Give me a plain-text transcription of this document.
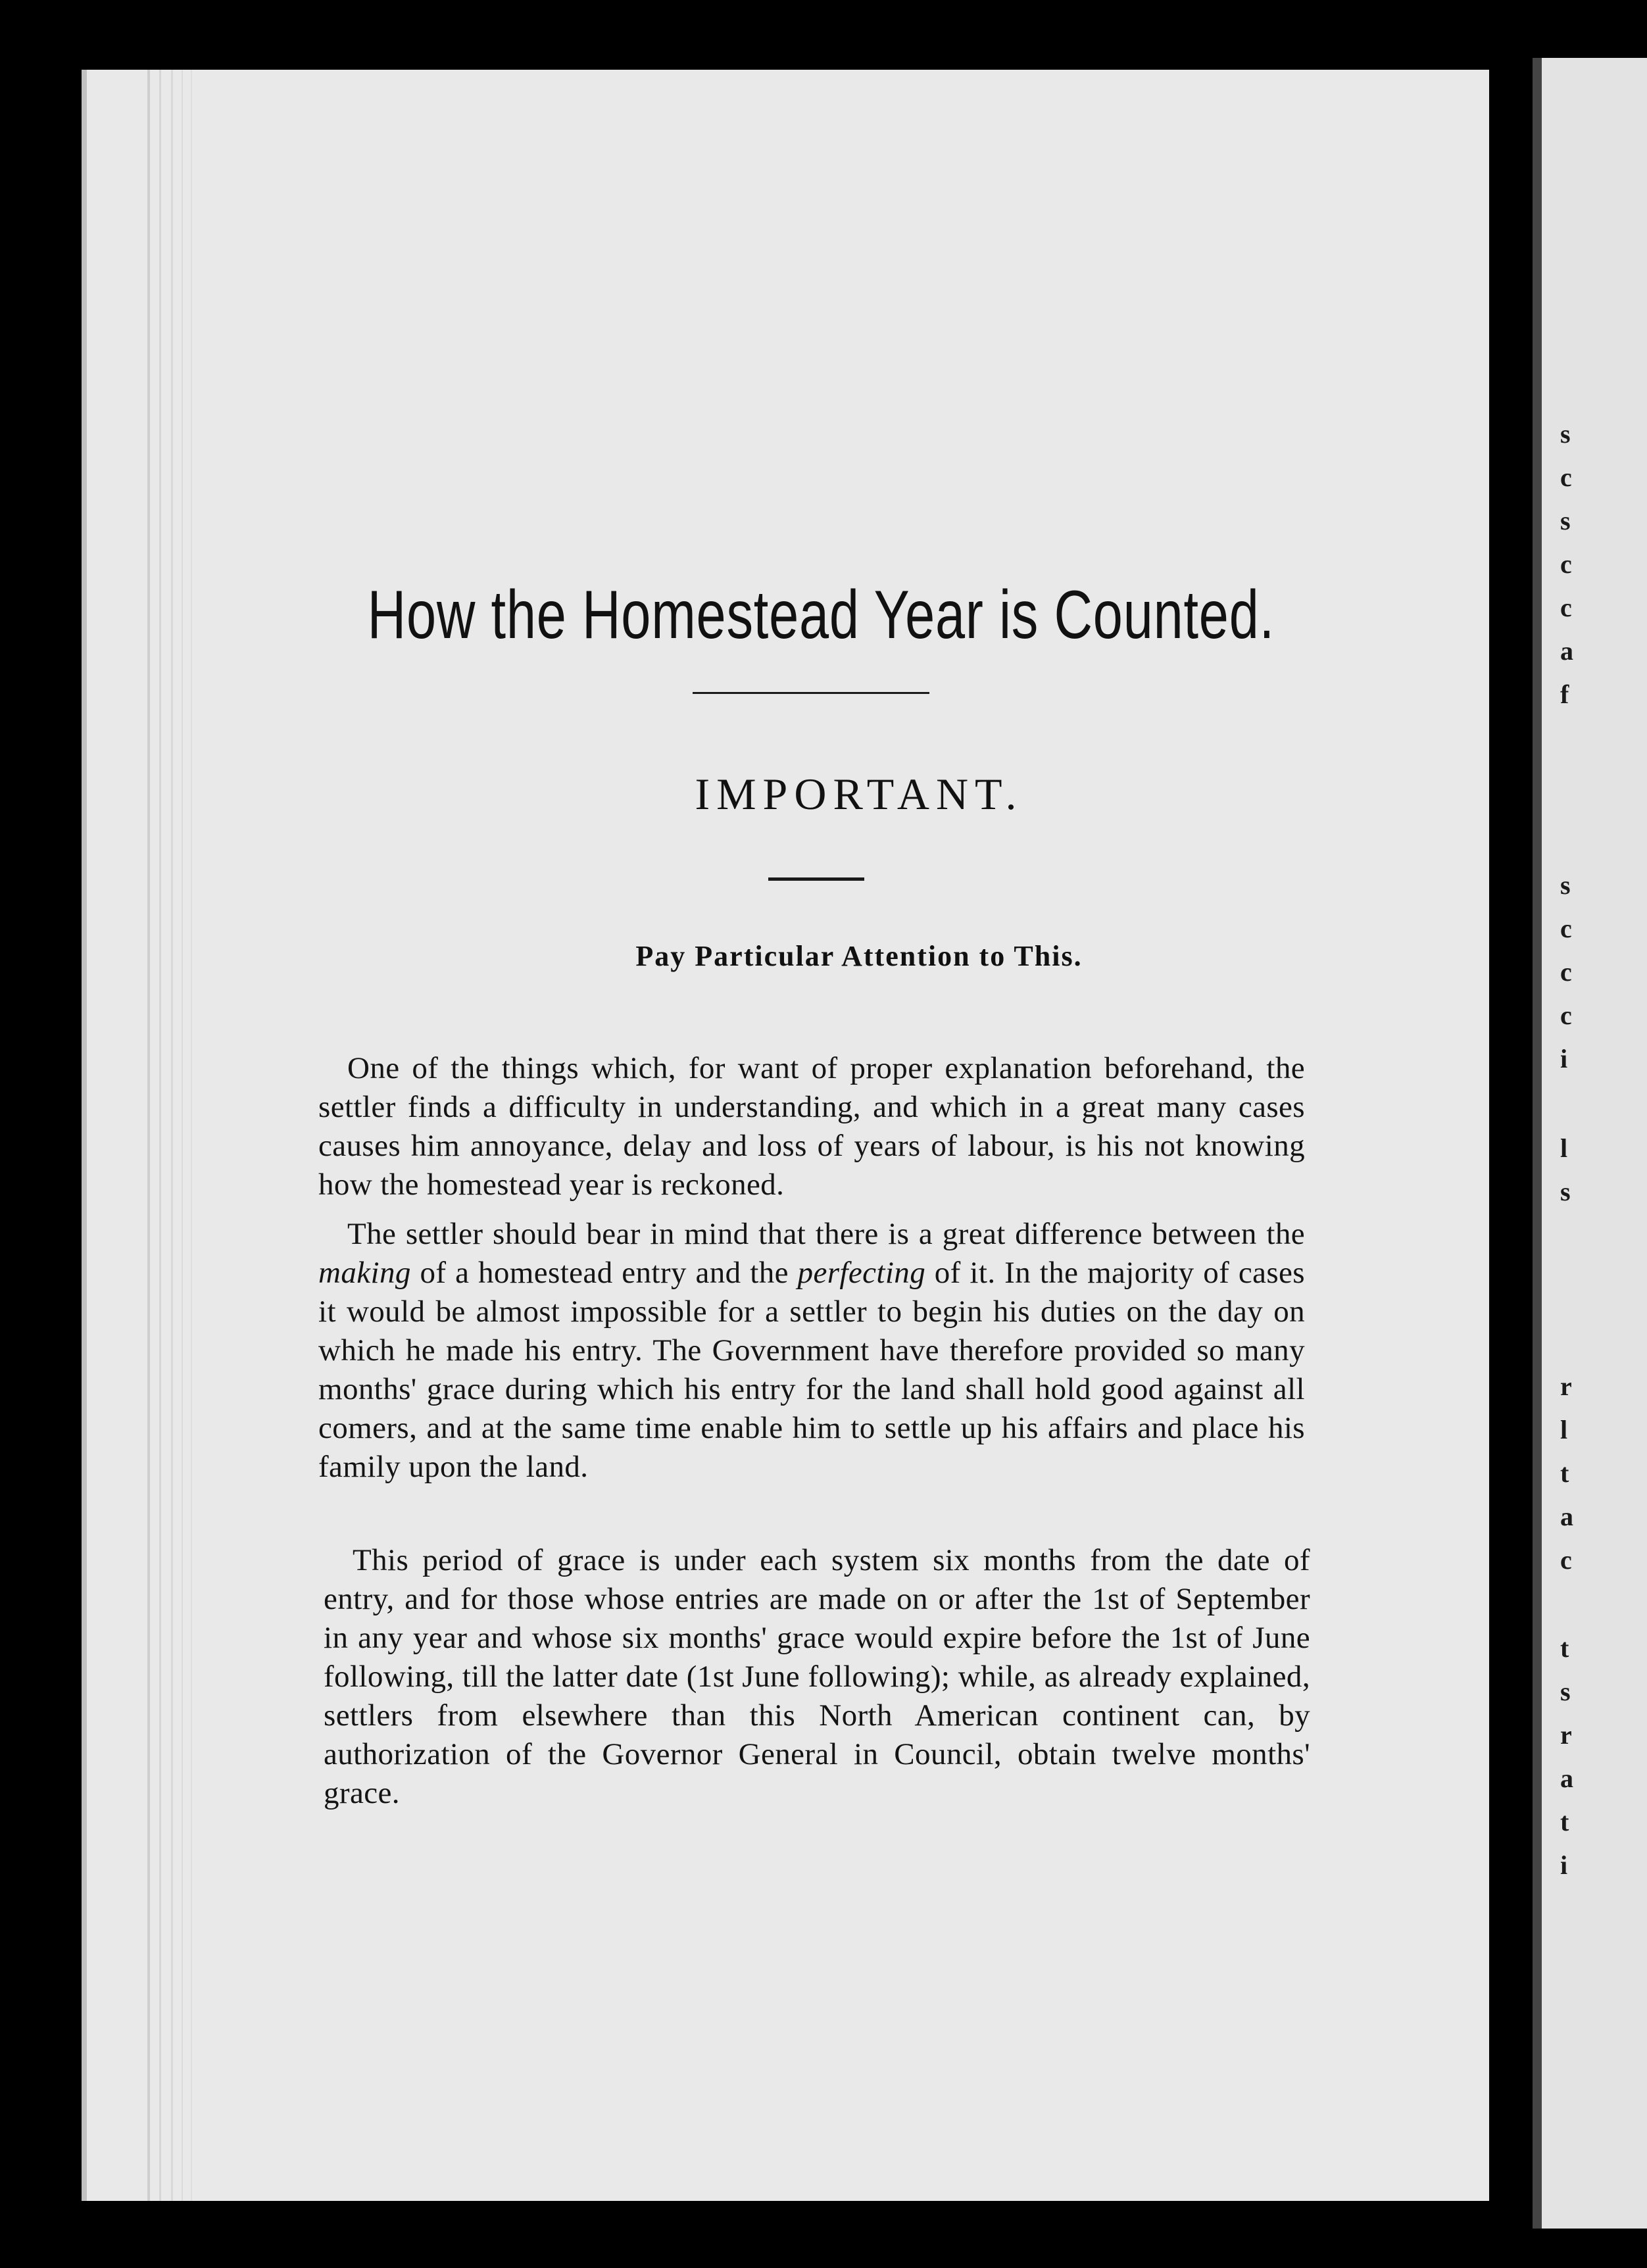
How the Homestead Year is Counted.
IMPORTANT.
Pay Particular Attention to This.

One of the things which, for want of proper explanation beforehand, the settler finds a difficulty in understanding, and which in a great many cases causes him annoyance, delay and loss of years of labour, is his not knowing how the homestead year is reckoned.

The settler should bear in mind that there is a great difference between the making of a homestead entry and the perfecting of it. In the majority of cases it would be almost impossible for a settler to begin his duties on the day on which he made his entry. The Government have therefore provided so many months' grace during which his entry for the land shall hold good against all comers, and at the same time enable him to settle up his affairs and place his family upon the land.

This period of grace is under each system six months from the date of entry, and for those whose entries are made on or after the 1st of September in any year and whose six months' grace would expire before the 1st of June following, till the latter date (1st June following); while, as already explained, settlers from elsewhere than this North American continent can, by authorization of the Governor General in Council, obtain twelve months' grace.

s
c
s
c
c
a
f
s
c
c
c
i
l
s
r
l
t
a
c
t
s
r
a
t
i
